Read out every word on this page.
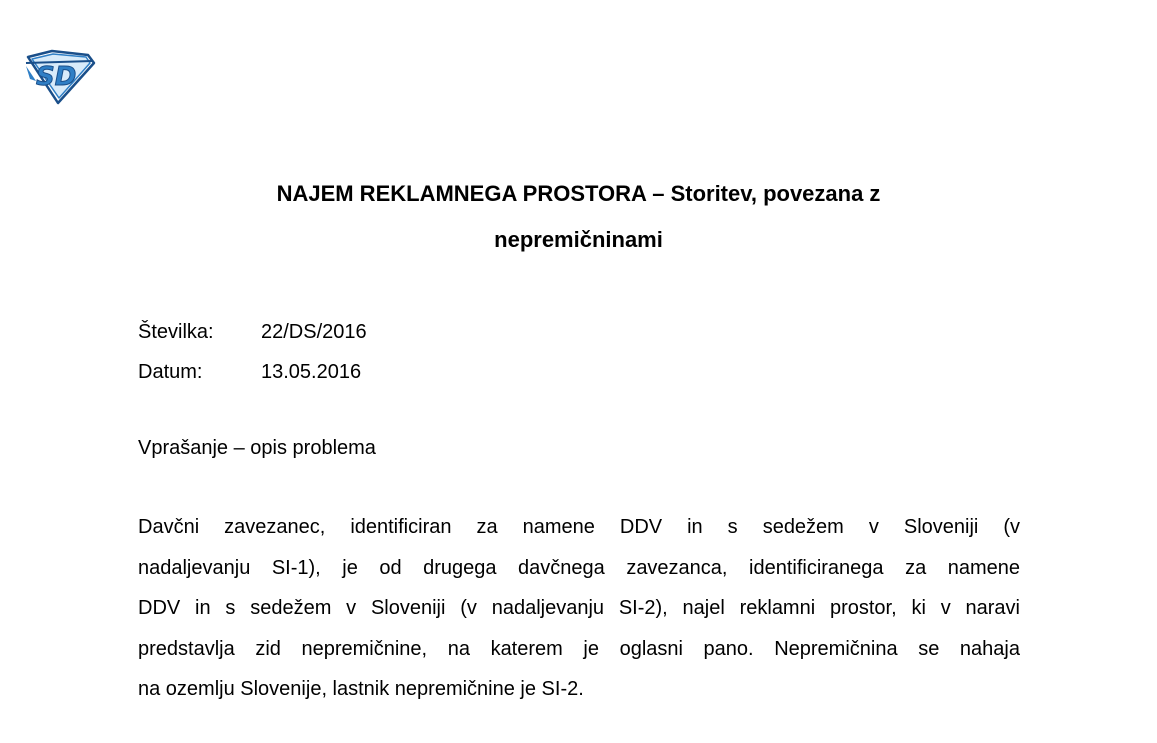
SD
NAJEM REKLAMNEGA PROSTORA – Storitev, povezana z
nepremičninami
Številka:	22/DS/2016
Datum:	13.05.2016
Vprašanje – opis problema
Davčni zavezanec, identificiran za namene DDV in s sedežem v Sloveniji (v
nadaljevanju SI-1), je od drugega davčnega zavezanca, identificiranega za namene
DDV in s sedežem v Sloveniji (v nadaljevanju SI-2), najel reklamni prostor, ki v naravi
predstavlja zid nepremičnine, na katerem je oglasni pano. Nepremičnina se nahaja
na ozemlju Slovenije, lastnik nepremičnine je SI-2.
